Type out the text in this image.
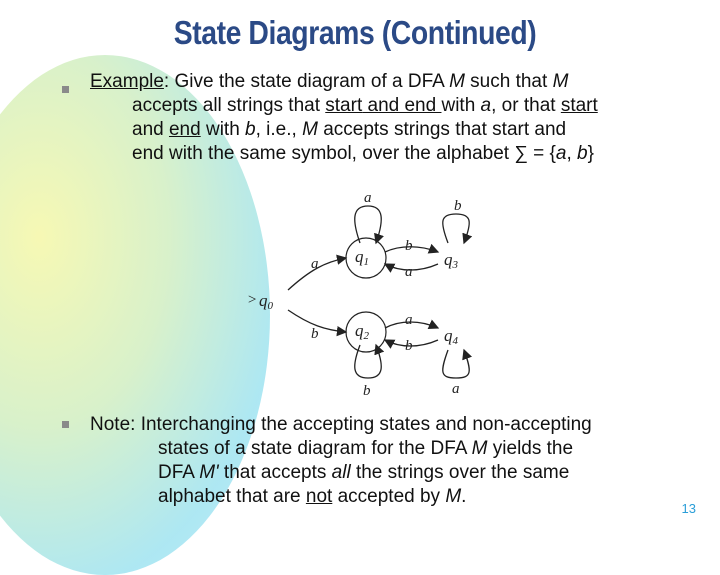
State Diagrams (Continued)
Example: Give the state diagram of a DFA M such that M
accepts all strings that start and end with a, or that start
and end with b, i.e., M accepts strings that start and
end with the same symbol, over the alphabet ∑ = {a, b}
> q0
q1
q2
q3
q4
a	b
a
b
b
a
a
b
b	a
Note: Interchanging the accepting states and non-accepting
states of a state diagram for the DFA M yields the
DFA M' that accepts all the strings over the same
alphabet that are not accepted by M.
13
